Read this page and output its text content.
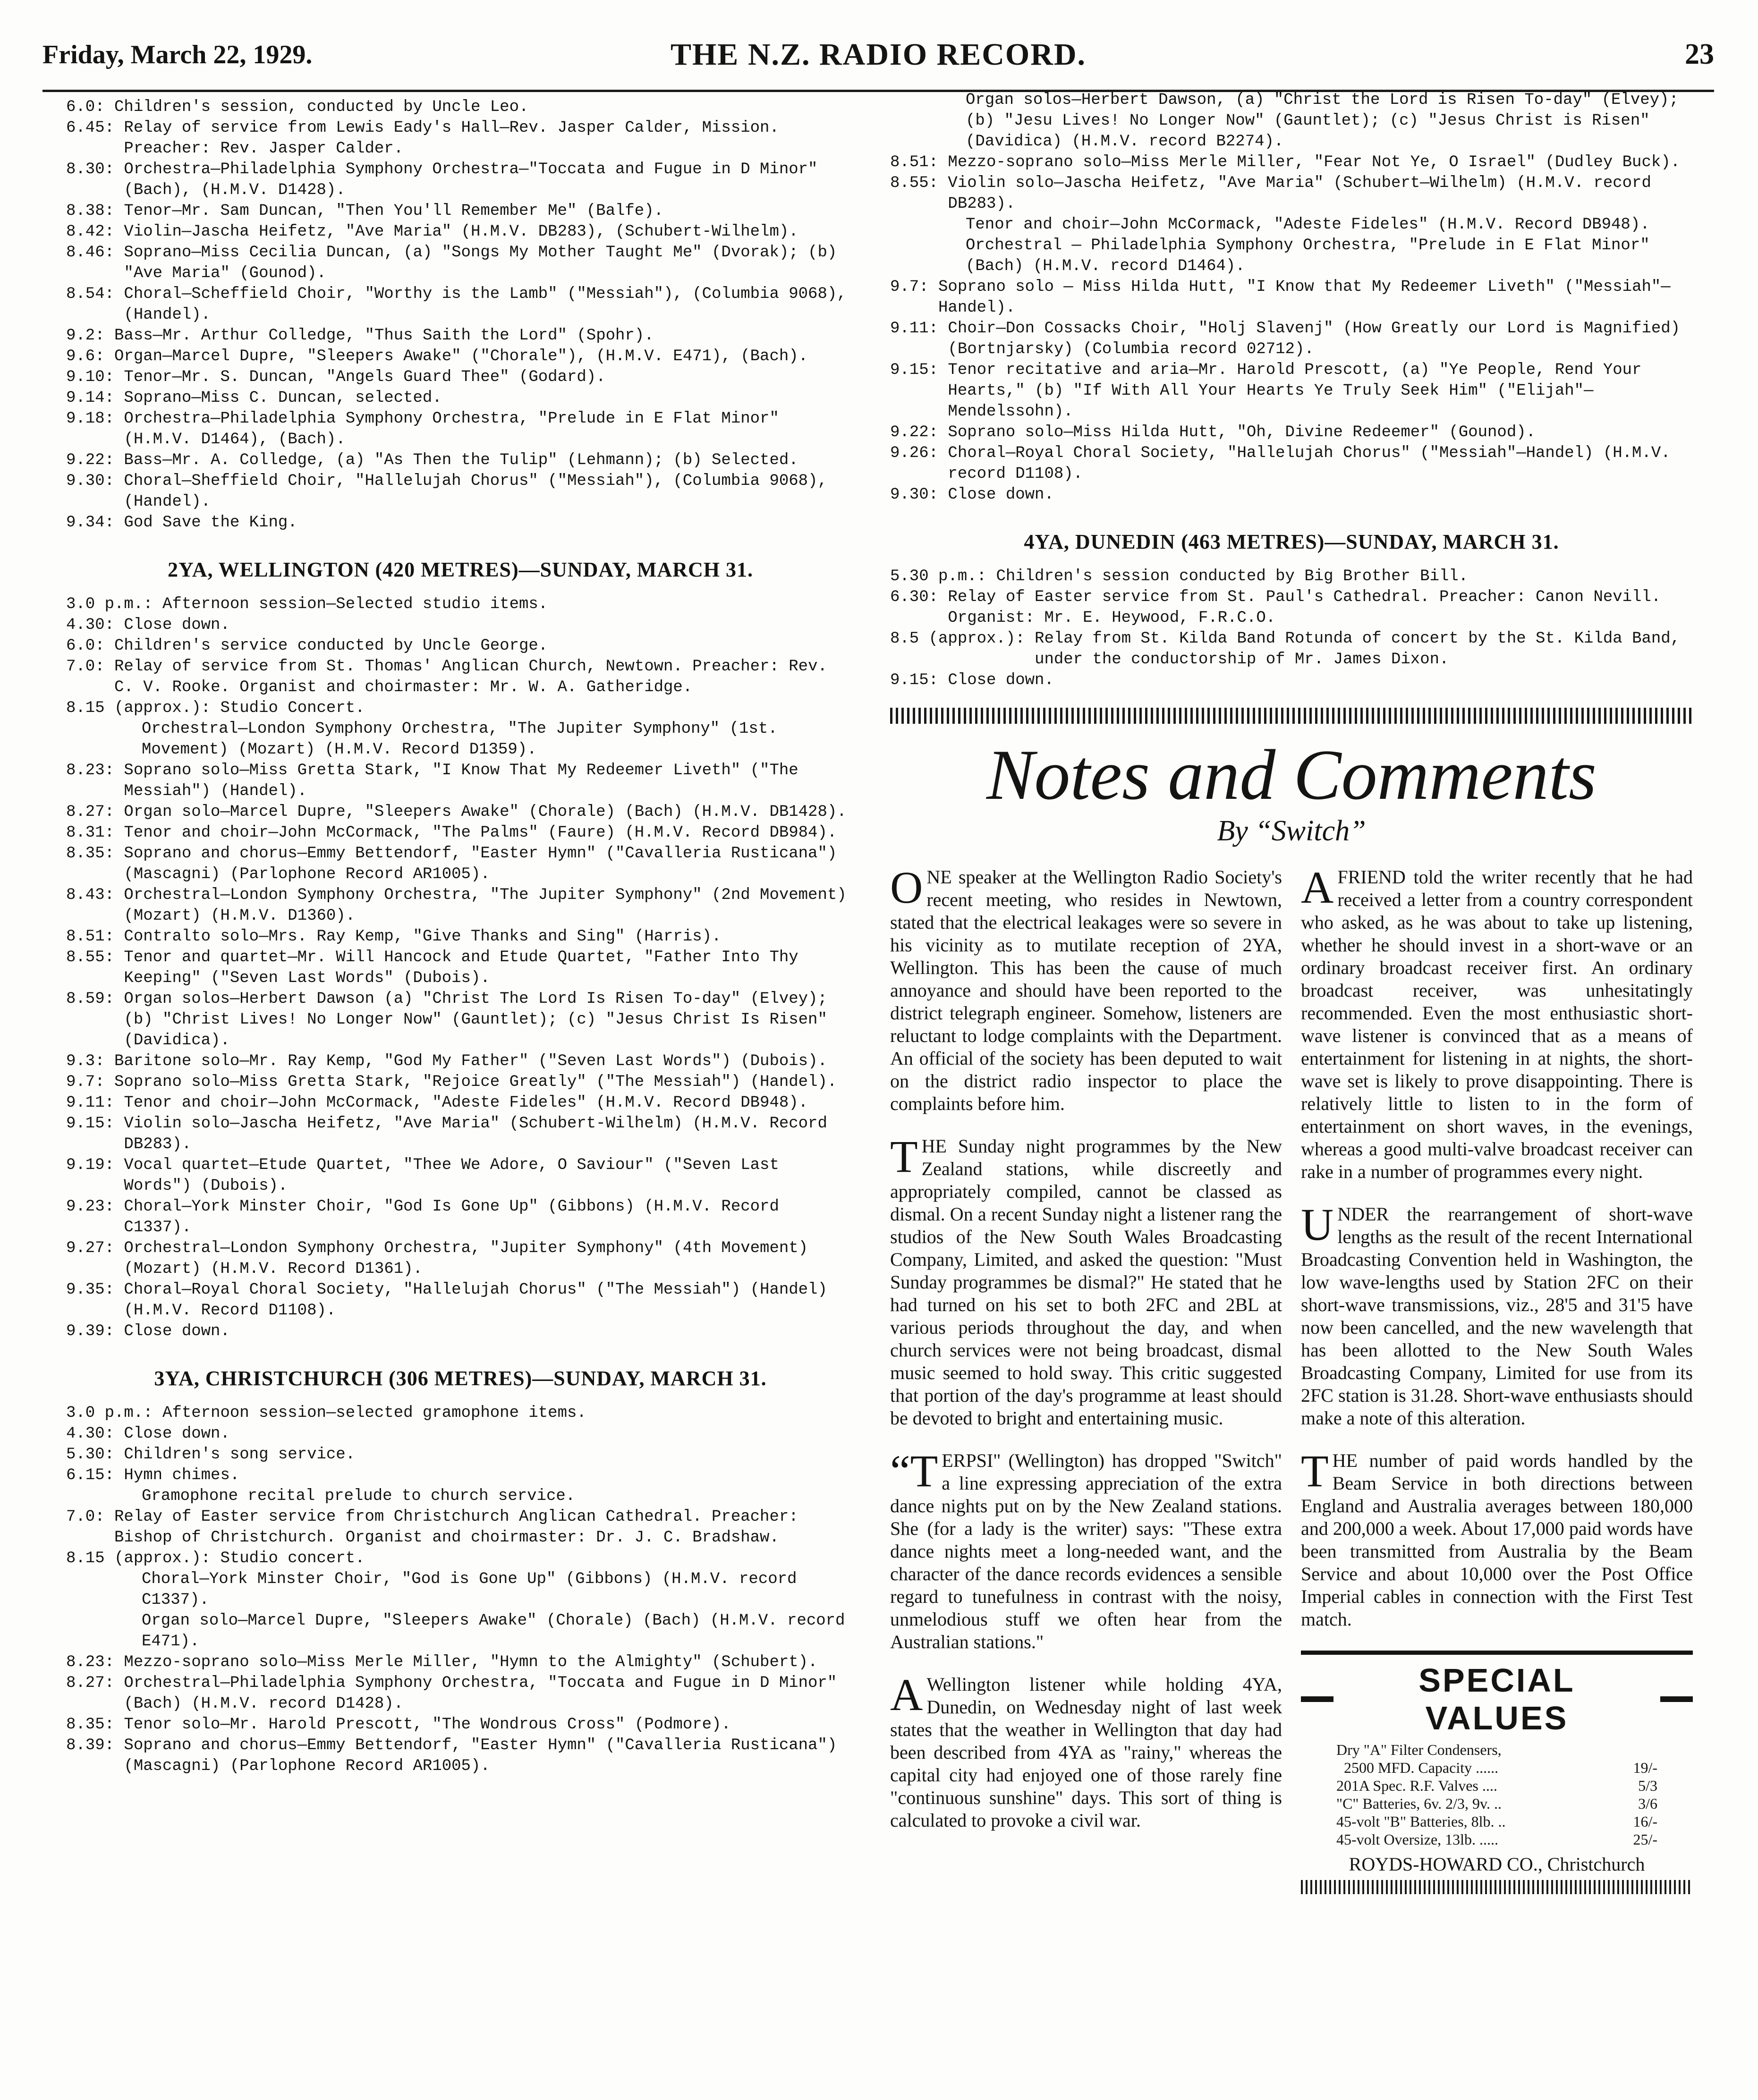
Friday, March 22, 1929.	THE N.Z. RADIO RECORD.	23
6.0: Children's session, conducted by Uncle Leo.
6.45: Relay of service from Lewis Eady's Hall—Rev. Jasper Calder, Mission. Preacher: Rev. Jasper Calder.
8.30: Orchestra—Philadelphia Symphony Orchestra—"Toccata and Fugue in D Minor" (Bach), (H.M.V. D1428).
8.38: Tenor—Mr. Sam Duncan, "Then You'll Remember Me" (Balfe).
8.42: Violin—Jascha Heifetz, "Ave Maria" (H.M.V. DB283), (Schubert-Wilhelm).
8.46: Soprano—Miss Cecilia Duncan, (a) "Songs My Mother Taught Me" (Dvorak); (b) "Ave Maria" (Gounod).
8.54: Choral—Scheffield Choir, "Worthy is the Lamb" ("Messiah"), (Columbia 9068), (Handel).
9.2: Bass—Mr. Arthur Colledge, "Thus Saith the Lord" (Spohr).
9.6: Organ—Marcel Dupre, "Sleepers Awake" ("Chorale"), (H.M.V. E471), (Bach).
9.10: Tenor—Mr. S. Duncan, "Angels Guard Thee" (Godard).
9.14: Soprano—Miss C. Duncan, selected.
9.18: Orchestra—Philadelphia Symphony Orchestra, "Prelude in E Flat Minor" (H.M.V. D1464), (Bach).
9.22: Bass—Mr. A. Colledge, (a) "As Then the Tulip" (Lehmann); (b) Selected.
9.30: Choral—Sheffield Choir, "Hallelujah Chorus" ("Messiah"), (Columbia 9068), (Handel).
9.34: God Save the King.
2YA, WELLINGTON (420 METRES)—SUNDAY, MARCH 31.
3.0 p.m.: Afternoon session—Selected studio items.
4.30: Close down.
6.0: Children's service conducted by Uncle George.
7.0: Relay of service from St. Thomas' Anglican Church, Newtown. Preacher: Rev. C. V. Rooke. Organist and choirmaster: Mr. W. A. Gatheridge.
8.15 (approx.): Studio Concert.
Orchestral—London Symphony Orchestra, "The Jupiter Symphony" (1st. Movement) (Mozart) (H.M.V. Record D1359).
8.23: Soprano solo—Miss Gretta Stark, "I Know That My Redeemer Liveth" ("The Messiah") (Handel).
8.27: Organ solo—Marcel Dupre, "Sleepers Awake" (Chorale) (Bach) (H.M.V. DB1428).
8.31: Tenor and choir—John McCormack, "The Palms" (Faure) (H.M.V. Record DB984).
8.35: Soprano and chorus—Emmy Bettendorf, "Easter Hymn" ("Cavalleria Rusticana") (Mascagni) (Parlophone Record AR1005).
8.43: Orchestral—London Symphony Orchestra, "The Jupiter Symphony" (2nd Movement) (Mozart) (H.M.V. D1360).
8.51: Contralto solo—Mrs. Ray Kemp, "Give Thanks and Sing" (Harris).
8.55: Tenor and quartet—Mr. Will Hancock and Etude Quartet, "Father Into Thy Keeping" ("Seven Last Words" (Dubois).
8.59: Organ solos—Herbert Dawson (a) "Christ The Lord Is Risen To-day" (Elvey); (b) "Christ Lives! No Longer Now" (Gauntlet); (c) "Jesus Christ Is Risen" (Davidica).
9.3: Baritone solo—Mr. Ray Kemp, "God My Father" ("Seven Last Words") (Dubois).
9.7: Soprano solo—Miss Gretta Stark, "Rejoice Greatly" ("The Messiah") (Handel).
9.11: Tenor and choir—John McCormack, "Adeste Fideles" (H.M.V. Record DB948).
9.15: Violin solo—Jascha Heifetz, "Ave Maria" (Schubert-Wilhelm) (H.M.V. Record DB283).
9.19: Vocal quartet—Etude Quartet, "Thee We Adore, O Saviour" ("Seven Last Words") (Dubois).
9.23: Choral—York Minster Choir, "God Is Gone Up" (Gibbons) (H.M.V. Record C1337).
9.27: Orchestral—London Symphony Orchestra, "Jupiter Symphony" (4th Movement) (Mozart) (H.M.V. Record D1361).
9.35: Choral—Royal Choral Society, "Hallelujah Chorus" ("The Messiah") (Handel) (H.M.V. Record D1108).
9.39: Close down.
3YA, CHRISTCHURCH (306 METRES)—SUNDAY, MARCH 31.
3.0 p.m.: Afternoon session—selected gramophone items.
4.30: Close down.
5.30: Children's song service.
6.15: Hymn chimes.
Gramophone recital prelude to church service.
7.0: Relay of Easter service from Christchurch Anglican Cathedral. Preacher: Bishop of Christchurch. Organist and choirmaster: Dr. J. C. Bradshaw.
8.15 (approx.): Studio concert.
Choral—York Minster Choir, "God is Gone Up" (Gibbons) (H.M.V. record C1337).
Organ solo—Marcel Dupre, "Sleepers Awake" (Chorale) (Bach) (H.M.V. record E471).
8.23: Mezzo-soprano solo—Miss Merle Miller, "Hymn to the Almighty" (Schubert).
8.27: Orchestral—Philadelphia Symphony Orchestra, "Toccata and Fugue in D Minor" (Bach) (H.M.V. record D1428).
8.35: Tenor solo—Mr. Harold Prescott, "The Wondrous Cross" (Podmore).
8.39: Soprano and chorus—Emmy Bettendorf, "Easter Hymn" ("Cavalleria Rusticana") (Mascagni) (Parlophone Record AR1005).
Organ solos—Herbert Dawson, (a) "Christ the Lord is Risen To-day" (Elvey); (b) "Jesu Lives! No Longer Now" (Gauntlet); (c) "Jesus Christ is Risen" (Davidica) (H.M.V. record B2274).
8.51: Mezzo-soprano solo—Miss Merle Miller, "Fear Not Ye, O Israel" (Dudley Buck).
8.55: Violin solo—Jascha Heifetz, "Ave Maria" (Schubert—Wilhelm) (H.M.V. record DB283).
Tenor and choir—John McCormack, "Adeste Fideles" (H.M.V. Record DB948).
Orchestral — Philadelphia Symphony Orchestra, "Prelude in E Flat Minor" (Bach) (H.M.V. record D1464).
9.7: Soprano solo — Miss Hilda Hutt, "I Know that My Redeemer Liveth" ("Messiah"—Handel).
9.11: Choir—Don Cossacks Choir, "Holj Slavenj" (How Greatly our Lord is Magnified) (Bortnjarsky) (Columbia record 02712).
9.15: Tenor recitative and aria—Mr. Harold Prescott, (a) "Ye People, Rend Your Hearts," (b) "If With All Your Hearts Ye Truly Seek Him" ("Elijah"—Mendelssohn).
9.22: Soprano solo—Miss Hilda Hutt, "Oh, Divine Redeemer" (Gounod).
9.26: Choral—Royal Choral Society, "Hallelujah Chorus" ("Messiah"—Handel) (H.M.V. record D1108).
9.30: Close down.
4YA, DUNEDIN (463 METRES)—SUNDAY, MARCH 31.
5.30 p.m.: Children's session conducted by Big Brother Bill.
6.30: Relay of Easter service from St. Paul's Cathedral. Preacher: Canon Nevill. Organist: Mr. E. Heywood, F.R.C.O.
8.5 (approx.): Relay from St. Kilda Band Rotunda of concert by the St. Kilda Band, under the conductorship of Mr. James Dixon.
9.15: Close down.
Notes and Comments
By “Switch”

ONE speaker at the Wellington Radio Society's recent meeting, who resides in Newtown, stated that the electrical leakages were so severe in his vicinity as to mutilate reception of 2YA, Wellington. This has been the cause of much annoyance and should have been reported to the district telegraph engineer. Somehow, listeners are reluctant to lodge complaints with the Department. An official of the society has been deputed to wait on the district radio inspector to place the complaints before him.

THE Sunday night programmes by the New Zealand stations, while discreetly and appropriately compiled, cannot be classed as dismal. On a recent Sunday night a listener rang the studios of the New South Wales Broadcasting Company, Limited, and asked the question: "Must Sunday programmes be dismal?" He stated that he had turned on his set to both 2FC and 2BL at various periods throughout the day, and when church services were not being broadcast, dismal music seemed to hold sway. This critic suggested that portion of the day's programme at least should be devoted to bright and entertaining music.

“TERPSI" (Wellington) has dropped "Switch" a line expressing appreciation of the extra dance nights put on by the New Zealand stations. She (for a lady is the writer) says: "These extra dance nights meet a long-needed want, and the character of the dance records evidences a sensible regard to tunefulness in contrast with the noisy, unmelodious stuff we often hear from the Australian stations."

A Wellington listener while holding 4YA, Dunedin, on Wednesday night of last week states that the weather in Wellington that day had been described from 4YA as "rainy," whereas the capital city had enjoyed one of those rarely fine "continuous sunshine" days. This sort of thing is calculated to provoke a civil war.

AFRIEND told the writer recently that he had received a letter from a country correspondent who asked, as he was about to take up listening, whether he should invest in a short-wave or an ordinary broadcast receiver first. An ordinary broadcast receiver, was unhesitatingly recommended. Even the most enthusiastic short-wave listener is convinced that as a means of entertainment for listening in at nights, the short-wave set is likely to prove disappointing. There is relatively little to listen to in the form of entertainment on short waves, in the evenings, whereas a good multi-valve broadcast receiver can rake in a number of programmes every night.

UNDER the rearrangement of short-wave lengths as the result of the recent International Broadcasting Convention held in Washington, the low wave-lengths used by Station 2FC on their short-wave transmissions, viz., 28'5 and 31'5 have now been cancelled, and the new wavelength that has been allotted to the New South Wales Broadcasting Company, Limited for use from its 2FC station is 31.28. Short-wave enthusiasts should make a note of this alteration.

THE number of paid words handled by the Beam Service in both directions between England and Australia averages between 180,000 and 200,000 a week. About 17,000 paid words have been transmitted from Australia by the Beam Service and about 10,000 over the Post Office Imperial cables in connection with the First Test match.

SPECIAL VALUES
Dry "A" Filter Condensers,
2500 MFD. Capacity ......	19/-
201A Spec. R.F. Valves ....	5/3
"C" Batteries, 6v. 2/3, 9v. ..	3/6
45-volt "B" Batteries, 8lb. ..	16/-
45-volt Oversize, 13lb. .....	25/-
ROYDS-HOWARD CO., Christchurch
